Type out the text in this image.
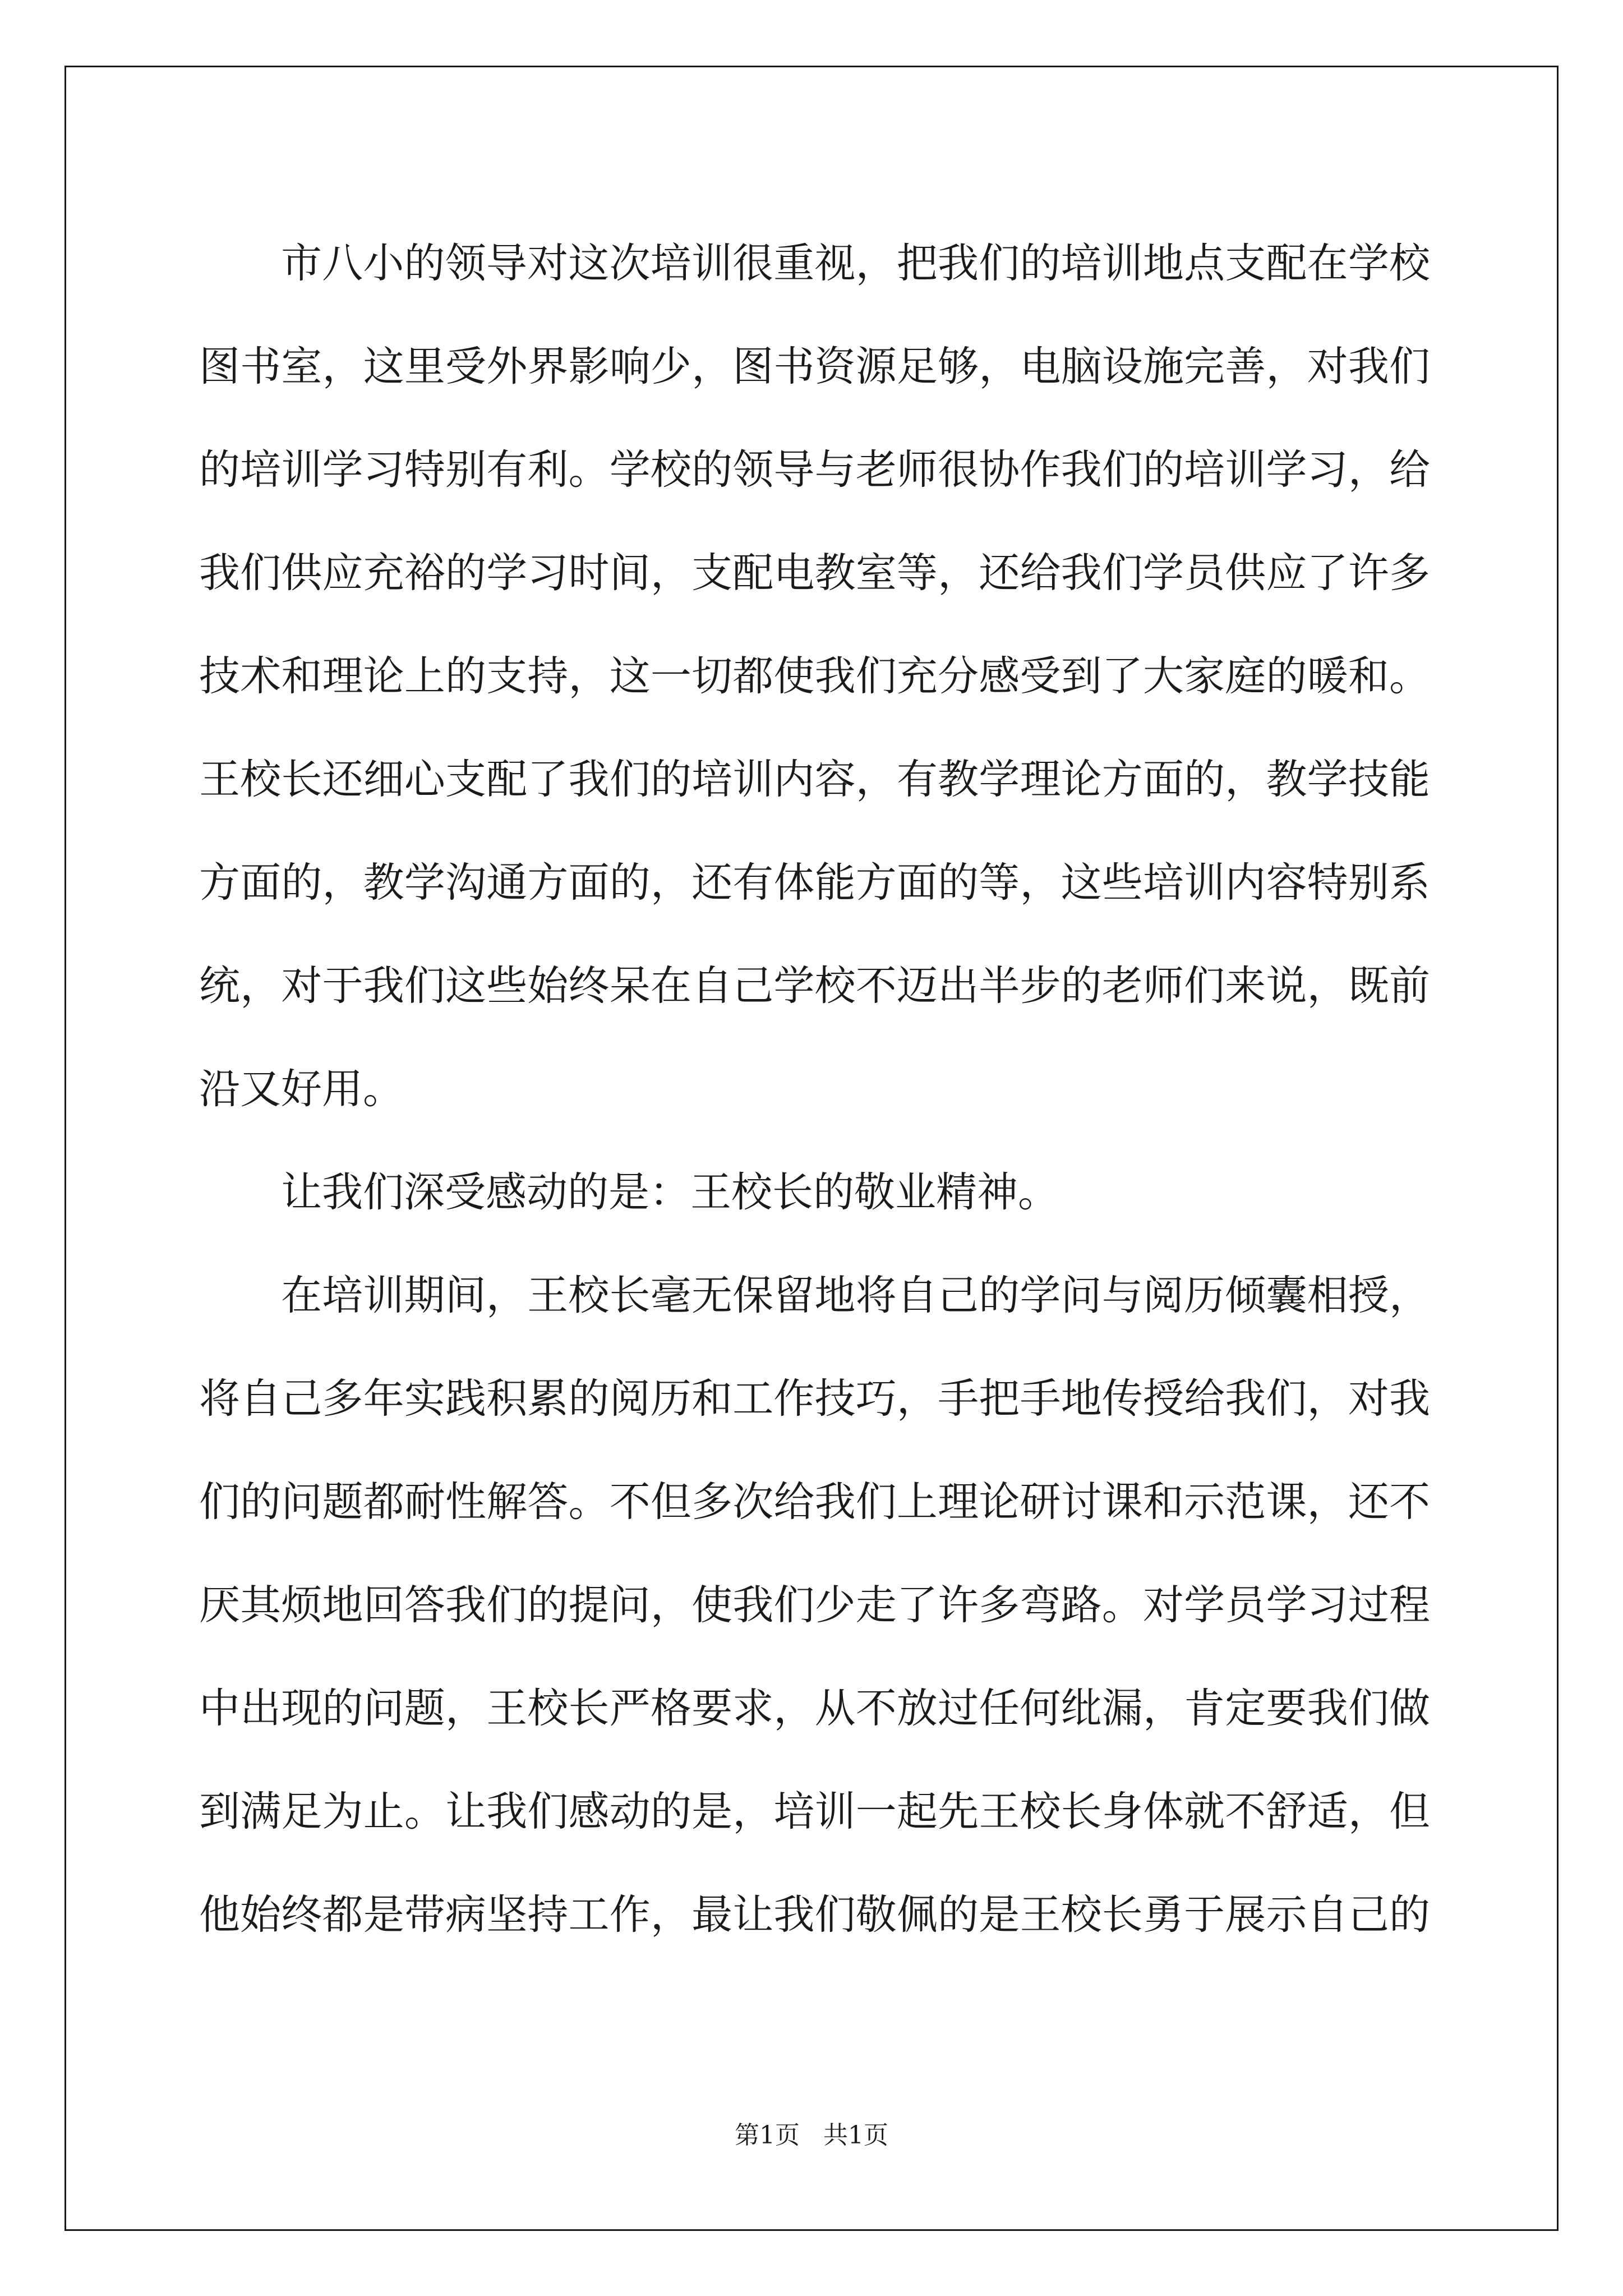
市八小的领导对这次培训很重视，把我们的培训地点支配在学校
图书室，这里受外界影响少，图书资源足够，电脑设施完善，对我们
的培训学习特别有利。学校的领导与老师很协作我们的培训学习，给
我们供应充裕的学习时间，支配电教室等，还给我们学员供应了许多
技术和理论上的支持，这一切都使我们充分感受到了大家庭的暖和。
王校长还细心支配了我们的培训内容，有教学理论方面的，教学技能
方面的，教学沟通方面的，还有体能方面的等，这些培训内容特别系
统，对于我们这些始终呆在自己学校不迈出半步的老师们来说，既前
沿又好用。
让我们深受感动的是：王校长的敬业精神。
在培训期间，王校长毫无保留地将自己的学问与阅历倾囊相授，
将自己多年实践积累的阅历和工作技巧，手把手地传授给我们，对我
们的问题都耐性解答。不但多次给我们上理论研讨课和示范课，还不
厌其烦地回答我们的提问，使我们少走了许多弯路。对学员学习过程
中出现的问题，王校长严格要求，从不放过任何纰漏，肯定要我们做
到满足为止。让我们感动的是，培训一起先王校长身体就不舒适，但
他始终都是带病坚持工作，最让我们敬佩的是王校长勇于展示自己的
第1页 共1页
